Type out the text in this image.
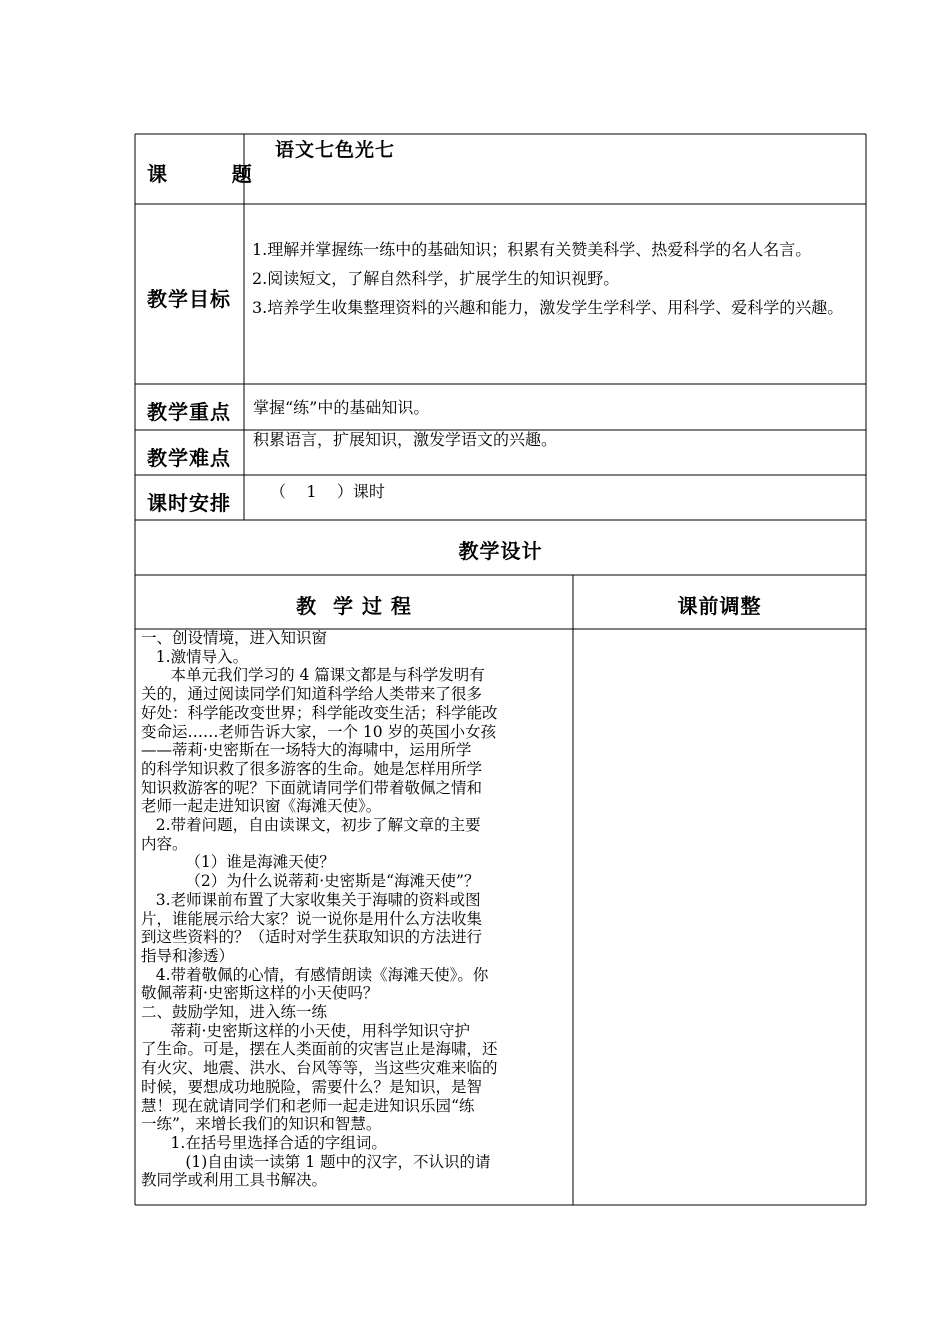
课        题
语文七色光七
教学目标
1.理解并掌握练一练中的基础知识；积累有关赞美科学、热爱科学的名人名言。
2.阅读短文，了解自然科学，扩展学生的知识视野。
3.培养学生收集整理资料的兴趣和能力，激发学生学科学、用科学、爱科学的兴趣。
教学重点 掌握“练”中的基础知识。
教学难点
积累语言，扩展知识，激发学语文的兴趣。
课时安排 （    1    ）课时
教学设计
教  学 过 程	课前调整

一、创设情境，进入知识窗

1.激情导入。

本单元我们学习的 4 篇课文都是与科学发明有

关的，通过阅读同学们知道科学给人类带来了很多

好处：科学能改变世界；科学能改变生活；科学能改

变命运……老师告诉大家，一个 10 岁的英国小女孩

——蒂莉·史密斯在一场特大的海啸中，运用所学

的科学知识救了很多游客的生命。她是怎样用所学

知识救游客的呢？下面就请同学们带着敬佩之情和

老师一起走进知识窗《海滩天使》。

2.带着问题，自由读课文，初步了解文章的主要

内容。

（1）谁是海滩天使？

（2）为什么说蒂莉·史密斯是“海滩天使”？

3.老师课前布置了大家收集关于海啸的资料或图

片，谁能展示给大家？说一说你是用什么方法收集

到这些资料的？（适时对学生获取知识的方法进行

指导和渗透）

4.带着敬佩的心情，有感情朗读《海滩天使》。你

敬佩蒂莉·史密斯这样的小天使吗？

二、鼓励学知，进入练一练

蒂莉·史密斯这样的小天使，用科学知识守护

了生命。可是，摆在人类面前的灾害岂止是海啸，还

有火灾、地震、洪水、台风等等，当这些灾难来临的

时候，要想成功地脱险，需要什么？是知识，是智

慧！现在就请同学们和老师一起走进知识乐园“练

一练”，来增长我们的知识和智慧。

1.在括号里选择合适的字组词。

(1)自由读一读第 1 题中的汉字，不认识的请

教同学或利用工具书解决。
